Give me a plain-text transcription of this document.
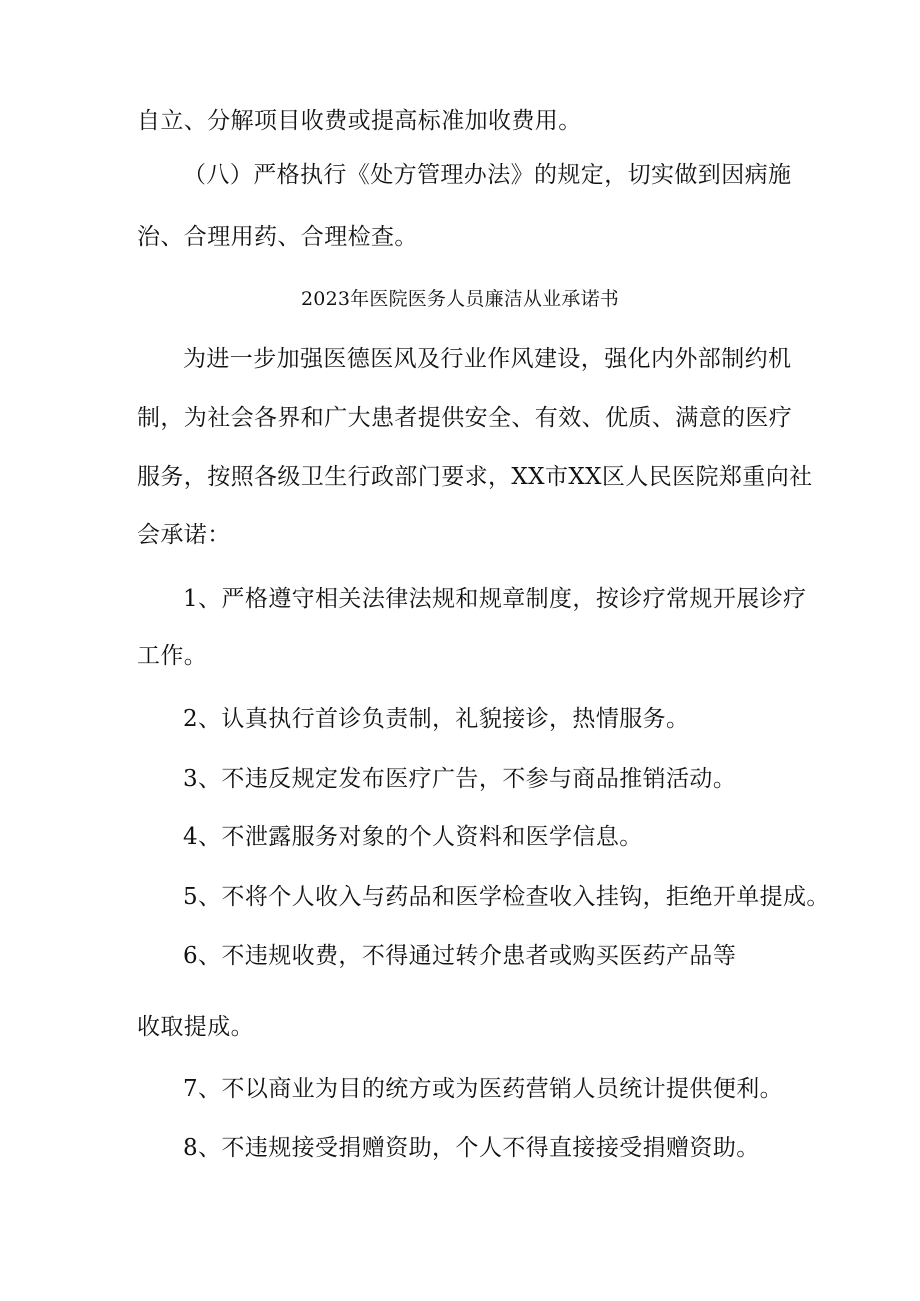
自立、分解项目收费或提高标准加收费用。
（八）严格执行《处方管理办法》的规定，切实做到因病施
治、合理用药、合理检查。
2023年医院医务人员廉洁从业承诺书
为进一步加强医德医风及行业作风建设，强化内外部制约机
制，为社会各界和广大患者提供安全、有效、优质、满意的医疗
服务，按照各级卫生行政部门要求，XX市XX区人民医院郑重向社
会承诺：
1、严格遵守相关法律法规和规章制度，按诊疗常规开展诊疗
工作。
2、认真执行首诊负责制，礼貌接诊，热情服务。
3、不违反规定发布医疗广告，不参与商品推销活动。
4、不泄露服务对象的个人资料和医学信息。
5、不将个人收入与药品和医学检查收入挂钩，拒绝开单提成。
6、不违规收费，不得通过转介患者或购买医药产品等
收取提成。
7、不以商业为目的统方或为医药营销人员统计提供便利。
8、不违规接受捐赠资助，个人不得直接接受捐赠资助。
